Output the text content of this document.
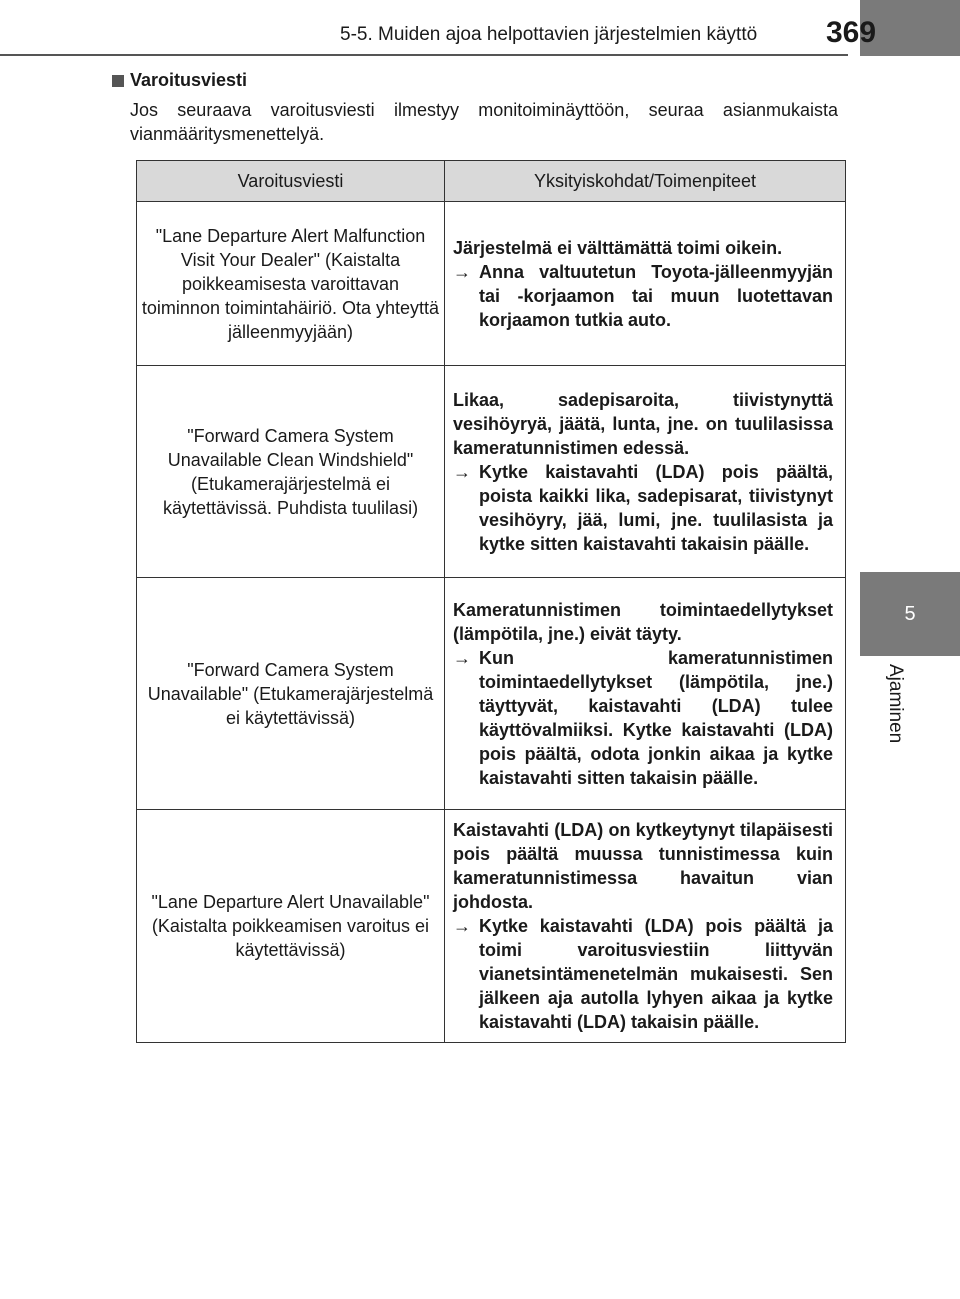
5-5. Muiden ajoa helpottavien järjestelmien käyttö 369
5
Ajaminen
Varoitusviesti
Jos seuraava varoitusviesti ilmestyy monitoiminäyttöön, seuraa asianmukaista vianmääritysmenettelyä.
Varoitusviesti	Yksityiskohdat/Toimenpiteet
"Lane Departure Alert Malfunction Visit Your Dealer" (Kaistalta poikkeamisesta varoittavan toiminnon toimintahäiriö. Ota yhteyttä jälleenmyyjään)	Järjestelmä ei välttämättä toimi oikein.
→ Anna valtuutetun Toyota-jälleenmyyjän tai -korjaamon tai muun luotettavan korjaamon tutkia auto.

"Forward Camera System Unavailable Clean Windshield" (Etukamerajärjestelmä ei käytettävissä. Puhdista tuulilasi)	Likaa, sadepisaroita, tiivistynyttä vesihöyryä, jäätä, lunta, jne. on tuulilasissa kameratunnistimen edessä.
→ Kytke kaistavahti (LDA) pois päältä, poista kaikki lika, sadepisarat, tiivistynyt vesihöyry, jää, lumi, jne. tuulilasista ja kytke sitten kaistavahti takaisin päälle.

"Forward Camera System Unavailable" (Etukamerajärjestelmä ei käytettävissä)	Kameratunnistimen toimintaedellytykset (lämpötila, jne.) eivät täyty.
→ Kun kameratunnistimen toimintaedellytykset (lämpötila, jne.) täyttyvät, kaistavahti (LDA) tulee käyttövalmiiksi. Kytke kaistavahti (LDA) pois päältä, odota jonkin aikaa ja kytke kaistavahti sitten takaisin päälle.

"Lane Departure Alert Unavailable" (Kaistalta poikkeamisen varoitus ei käytettävissä)	Kaistavahti (LDA) on kytkeytynyt tilapäisesti pois päältä muussa tunnistimessa kuin kameratunnistimessa havaitun vian johdosta.
→ Kytke kaistavahti (LDA) pois päältä ja toimi varoitusviestiin liittyvän vianetsintämenetelmän mukaisesti. Sen jälkeen aja autolla lyhyen aikaa ja kytke kaistavahti (LDA) takaisin päälle.
